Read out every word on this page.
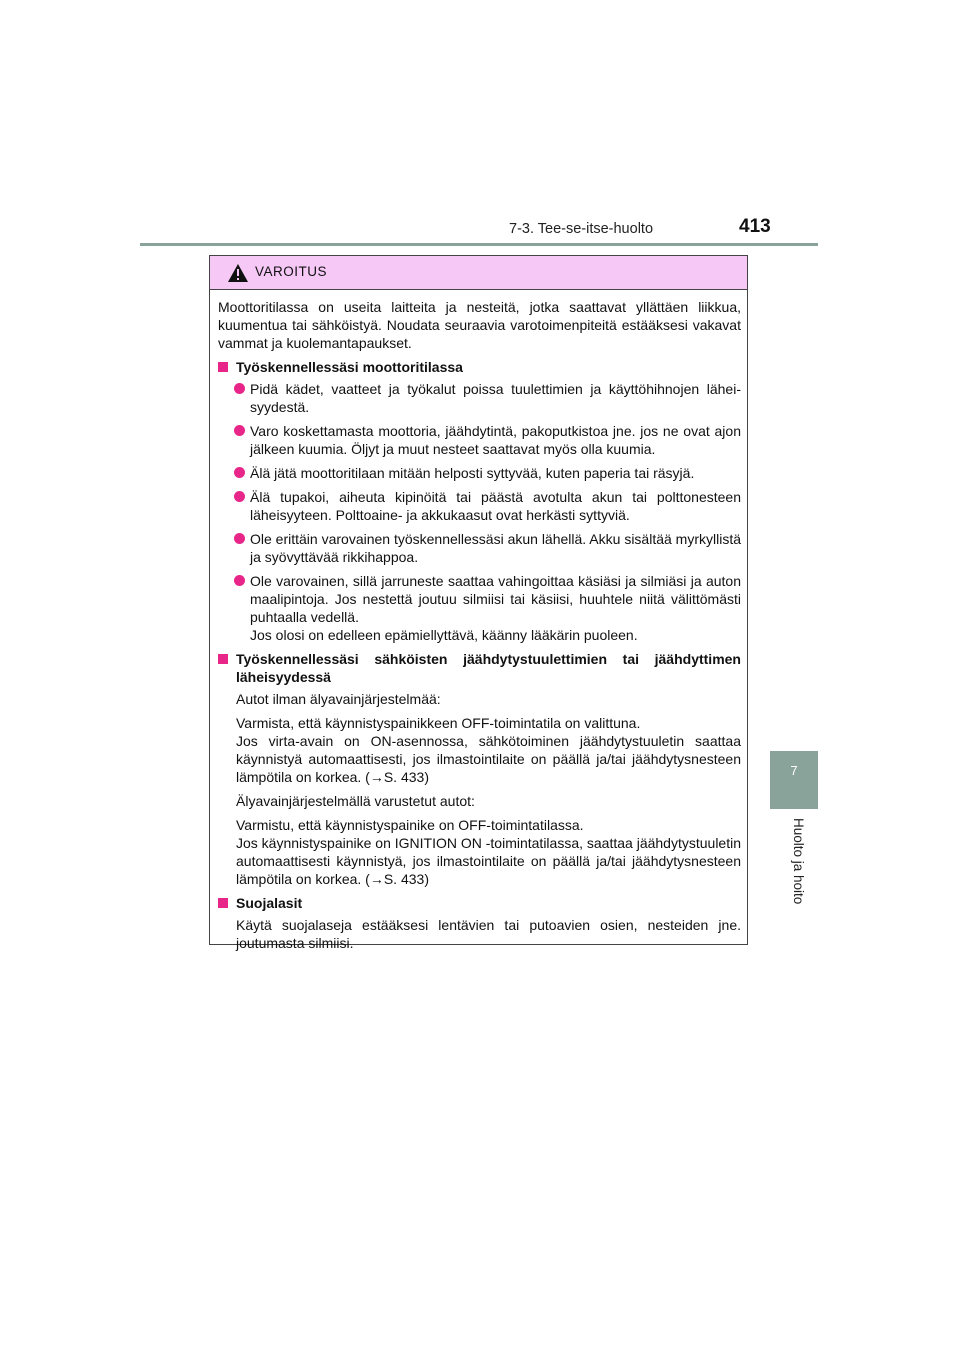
7-3. Tee-se-itse-huolto	413
7
Huolto ja hoito
VAROITUS

Moottoritilassa on useita laitteita ja nesteitä, jotka saattavat yllättäen liikkua, kuumentua tai sähköistyä. Noudata seuraavia varotoimenpiteitä estääksesi vakavat vammat ja kuolemantapaukset.

Työskennellessäsi moottoritilassa
Pidä kädet, vaatteet ja työkalut poissa tuulettimien ja käyttöhihnojen läheisyydestä.
Varo koskettamasta moottoria, jäähdytintä, pakoputkistoa jne. jos ne ovat ajon jälkeen kuumia. Öljyt ja muut nesteet saattavat myös olla kuumia.
Älä jätä moottoritilaan mitään helposti syttyvää, kuten paperia tai räsyjä.
Älä tupakoi, aiheuta kipinöitä tai päästä avotulta akun tai polttonesteen läheisyyteen. Polttoaine- ja akkukaasut ovat herkästi syttyviä.
Ole erittäin varovainen työskennellessäsi akun lähellä. Akku sisältää myrkyllistä ja syövyttävää rikkihappoa.
Ole varovainen, sillä jarruneste saattaa vahingoittaa käsiäsi ja silmiäsi ja auton maalipintoja. Jos nestettä joutuu silmiisi tai käsiisi, huuhtele niitä välittömästi puhtaalla vedellä.
Jos olosi on edelleen epämiellyttävä, käänny lääkärin puoleen.
Työskennellessäsi sähköisten jäähdytystuulettimien tai jäähdyttimen läheisyydessä
Autot ilman älyavainjärjestelmää:
Varmista, että käynnistyspainikkeen OFF-toimintatila on valittuna.
Jos virta-avain on ON-asennossa, sähkötoiminen jäähdytystuuletin saattaa käynnistyä automaattisesti, jos ilmastointilaite on päällä ja/tai jäähdytysnesteen lämpötila on korkea. (→S. 433)
Älyavainjärjestelmällä varustetut autot:
Varmistu, että käynnistyspainike on OFF-toimintatilassa.
Jos käynnistyspainike on IGNITION ON -toimintatilassa, saattaa jäähdytystuuletin automaattisesti käynnistyä, jos ilmastointilaite on päällä ja/tai jäähdytysnesteen lämpötila on korkea. (→S. 433)
Suojalasit
Käytä suojalaseja estääksesi lentävien tai putoavien osien, nesteiden jne. joutumasta silmiisi.
